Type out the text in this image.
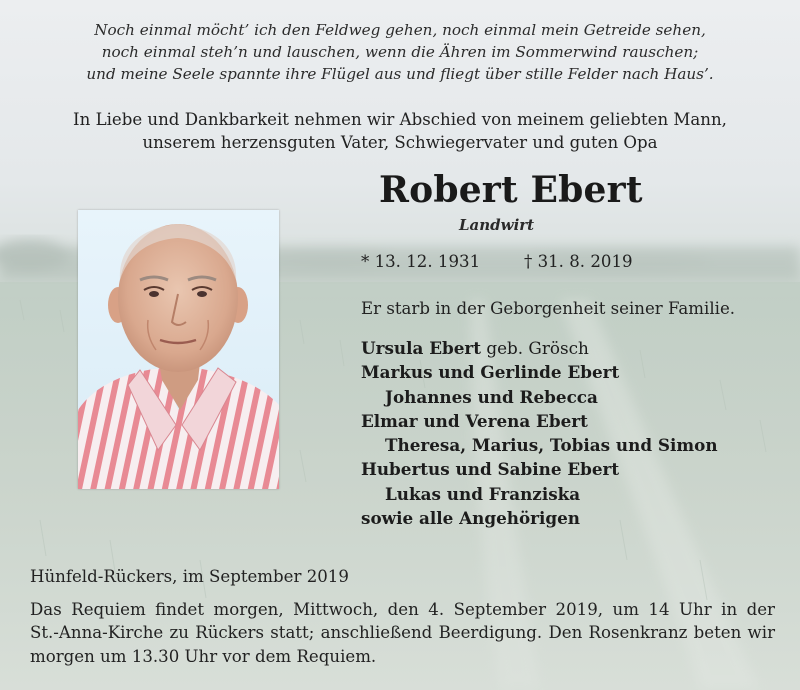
Noch einmal möcht’ ich den Feldweg gehen, noch einmal mein Getreide sehen,
noch einmal steh’n und lauschen, wenn die Ähren im Sommerwind rauschen;
und meine Seele spannte ihre Flügel aus und fliegt über stille Felder nach Haus’.
In Liebe und Dankbarkeit nehmen wir Abschied von meinem geliebten Mann,
unserem herzensguten Vater, Schwiegervater und guten Opa
Robert Ebert
Landwirt
* 13. 12. 1931	† 31. 8. 2019
Er starb in der Geborgenheit seiner Familie.
Ursula Ebert geb. Grösch
Markus und Gerlinde Ebert
Johannes und Rebecca
Elmar und Verena Ebert
Theresa, Marius, Tobias und Simon
Hubertus und Sabine Ebert
Lukas und Franziska
sowie alle Angehörigen
Hünfeld-Rückers, im September 2019
Das Requiem findet morgen, Mittwoch, den 4. September 2019, um 14 Uhr in der
St.-Anna-Kirche zu Rückers statt; anschließend Beerdigung. Den Rosenkranz beten wir
morgen um 13.30 Uhr vor dem Requiem.
